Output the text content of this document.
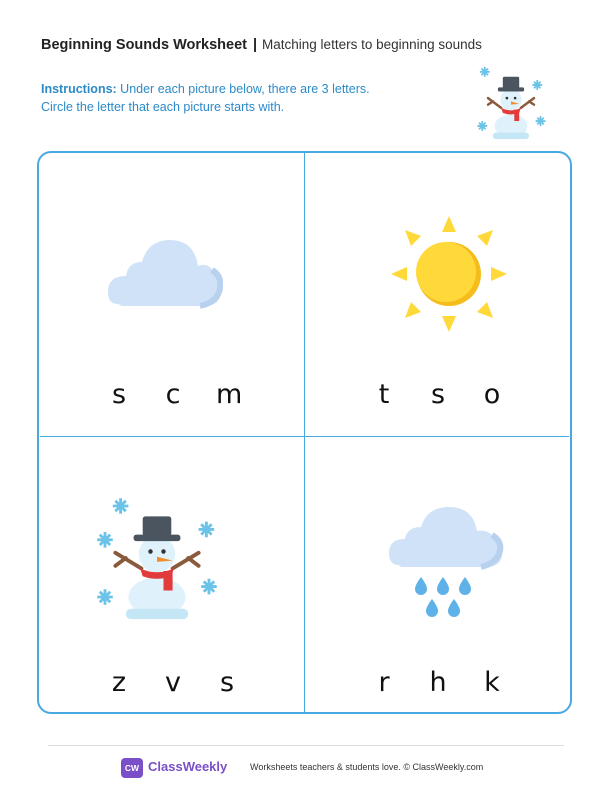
Beginning Sounds Worksheet | Matching letters to beginning sounds
Instructions: Under each picture below, there are 3 letters.
Circle the letter that each picture starts with.
s c m	t s o
z v s	r h k
CW ClassWeekly	Worksheets teachers & students love. © ClassWeekly.com
